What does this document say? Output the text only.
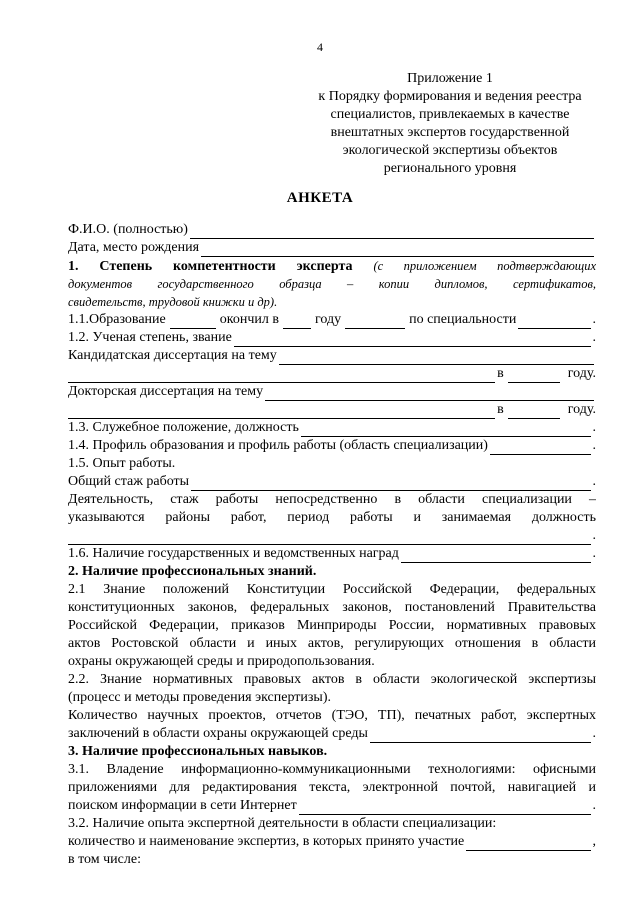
4
Приложение 1
к Порядку формирования и ведения реестра
специалистов, привлекаемых в качестве
внештатных экспертов государственной
экологической экспертизы объектов
регионального уровня
АНКЕТА
Ф.И.О. (полностью)
Дата, место рождения
1. Степень компетентности эксперта (с приложением подтверждающих
документов государственного образца – копии дипломов, сертификатов,
свидетельств, трудовой книжки и др).
1.1.Образование	окончил в	году	по специальности	.
1.2. Ученая степень, звание	.
Кандидатская диссертация на тему
в	году.
Докторская диссертация на тему
в	году.
1.3. Служебное положение, должность	.
1.4. Профиль образования и профиль работы (область специализации)	.
1.5. Опыт работы.
Общий стаж работы	.
Деятельность, стаж работы непосредственно в области специализации –
указываются районы работ, период работы и занимаемая должность
.
1.6. Наличие государственных и ведомственных наград	.
2. Наличие профессиональных знаний.
2.1 Знание положений Конституции Российской Федерации, федеральных
конституционных законов, федеральных законов, постановлений Правительства
Российской Федерации, приказов Минприроды России, нормативных правовых
актов Ростовской области и иных актов, регулирующих отношения в области
охраны окружающей среды и природопользования.
2.2. Знание нормативных правовых актов в области экологической экспертизы
(процесс и методы проведения экспертизы).
Количество научных проектов, отчетов (ТЭО, ТП), печатных работ, экспертных
заключений в области охраны окружающей среды	.
3. Наличие профессиональных навыков.
3.1. Владение информационно-коммуникационными технологиями: офисными
приложениями для редактирования текста, электронной почтой, навигацией и
поиском информации в сети Интернет	.
3.2. Наличие опыта экспертной деятельности в области специализации:
количество и наименование экспертиз, в которых принято участие	,
в том числе:
